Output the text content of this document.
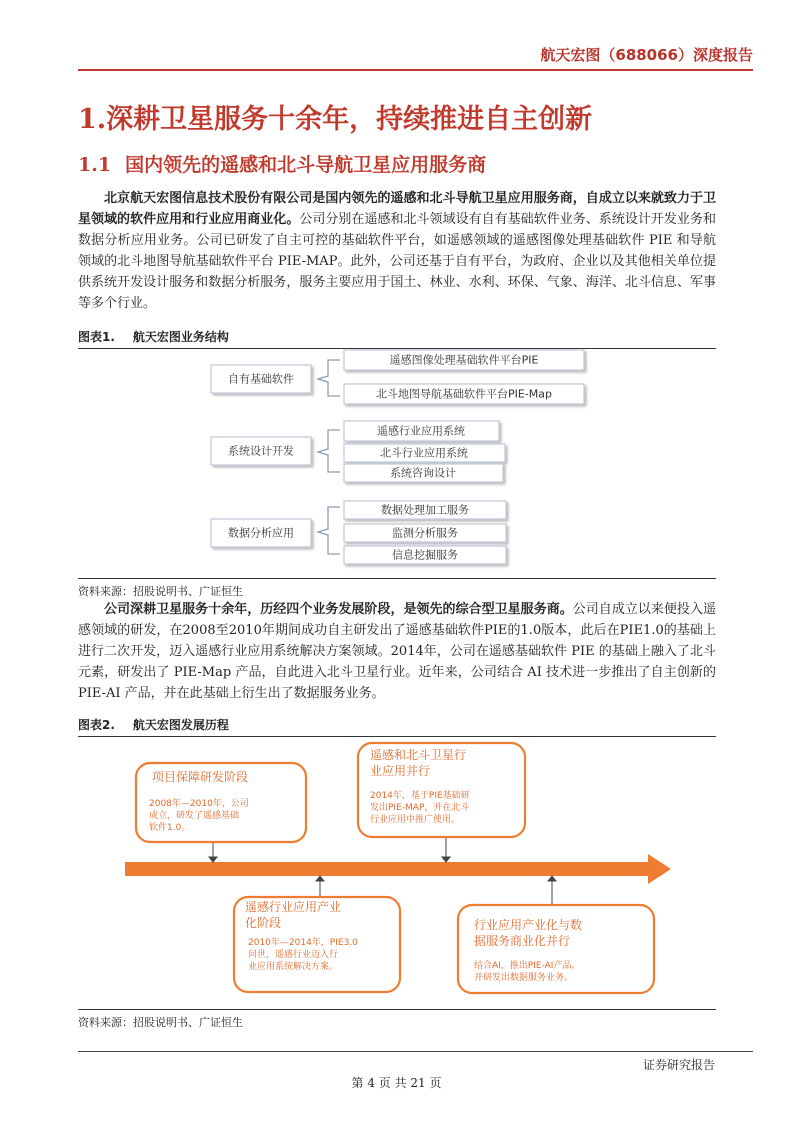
航天宏图（688066）深度报告
1.深耕卫星服务十余年，持续推进自主创新
1.1 国内领先的遥感和北斗导航卫星应用服务商

北京航天宏图信息技术股份有限公司是国内领先的遥感和北斗导航卫星应用服务商，自成立以来就致力于卫星领域的软件应用和行业应用商业化。公司分别在遥感和北斗领域设有自有基础软件业务、系统设计开发业务和数据分析应用业务。公司已研发了自主可控的基础软件平台，如遥感领域的遥感图像处理基础软件 PIE 和导航领域的北斗地图导航基础软件平台 PIE-MAP。此外，公司还基于自有平台，为政府、企业以及其他相关单位提供系统开发设计服务和数据分析服务，服务主要应用于国土、林业、水利、环保、气象、海洋、北斗信息、军事等多个行业。

图表1. 航天宏图业务结构
自有基础软件
系统设计开发
数据分析应用
遥感图像处理基础软件平台PIE
北斗地图导航基础软件平台PIE-Map
遥感行业应用系统
北斗行业应用系统
系统咨询设计
数据处理加工服务
监测分析服务
信息挖掘服务
资料来源：招股说明书、广证恒生

公司深耕卫星服务十余年，历经四个业务发展阶段，是领先的综合型卫星服务商。公司自成立以来便投入遥感领域的研发，在2008至2010年期间成功自主研发出了遥感基础软件PIE的1.0版本，此后在PIE1.0的基础上进行二次开发，迈入遥感行业应用系统解决方案领域。2014年，公司在遥感基础软件 PIE 的基础上融入了北斗元素，研发出了 PIE-Map 产品，自此进入北斗卫星行业。近年来，公司结合 AI 技术进一步推出了自主创新的 PIE-AI 产品，并在此基础上衍生出了数据服务业务。

图表2. 航天宏图发展历程
项目保障研发阶段
遥感和北斗卫星行
业应用并行
遥感行业应用产业
化阶段	行业应用产业化与数
据服务商业化并行
2008年—2010年，公司
成立，研发了遥感基础
软件1.0。
2014年，基于PIE基础研
发出PIE-MAP，并在北斗
行业应用中推广使用。
2010年—2014年，PIE3.0
问世，遥感行业迈入行
业应用系统解决方案。	结合AI，推出PIE-AI产品，
并研发出数据服务业务。
资料来源：招股说明书、广证恒生
证券研究报告
第 4 页 共 21 页
